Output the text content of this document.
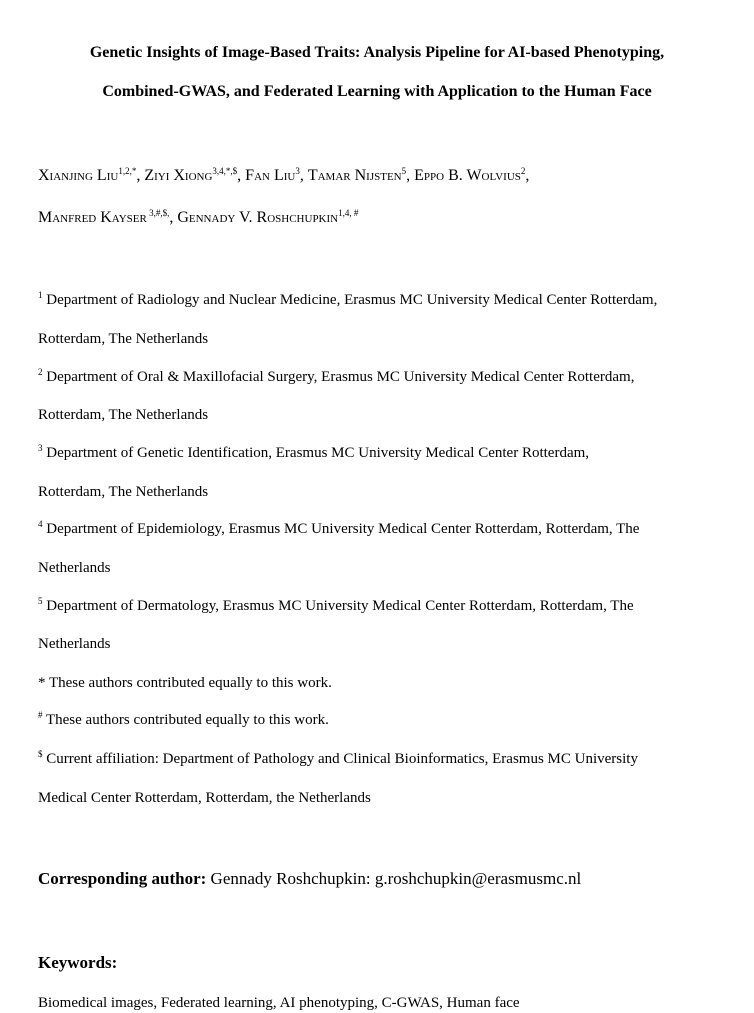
Genetic Insights of Image-Based Traits: Analysis Pipeline for AI-based Phenotyping,

Combined-GWAS, and Federated Learning with Application to the Human Face

Xianjing Liu$^{1,2,*}$, Ziyi Xiong$^{3,4,*,\$}$, Fan Liu$^3$, Tamar Nijsten$^5$, Eppo B. Wolvius$^2$,
Manfred Kayser $^{3,\#,\$,}$, Gennady V. Roshchupkin$^{1,4, \#}$
$^1$ Department of Radiology and Nuclear Medicine, Erasmus MC University Medical Center Rotterdam,
Rotterdam, The Netherlands
$^2$ Department of Oral & Maxillofacial Surgery, Erasmus MC University Medical Center Rotterdam,
Rotterdam, The Netherlands
$^3$ Department of Genetic Identification, Erasmus MC University Medical Center Rotterdam,
Rotterdam, The Netherlands
$^4$ Department of Epidemiology, Erasmus MC University Medical Center Rotterdam, Rotterdam, The
Netherlands
$^5$ Department of Dermatology, Erasmus MC University Medical Center Rotterdam, Rotterdam, The
Netherlands
* These authors contributed equally to this work.
# These authors contributed equally to this work.
$ Current affiliation: Department of Pathology and Clinical Bioinformatics, Erasmus MC University
Medical Center Rotterdam, Rotterdam, the Netherlands
Corresponding author: Gennady Roshchupkin: g.roshchupkin@erasmusmc.nl
Keywords:
Biomedical images, Federated learning, AI phenotyping, C-GWAS, Human face
